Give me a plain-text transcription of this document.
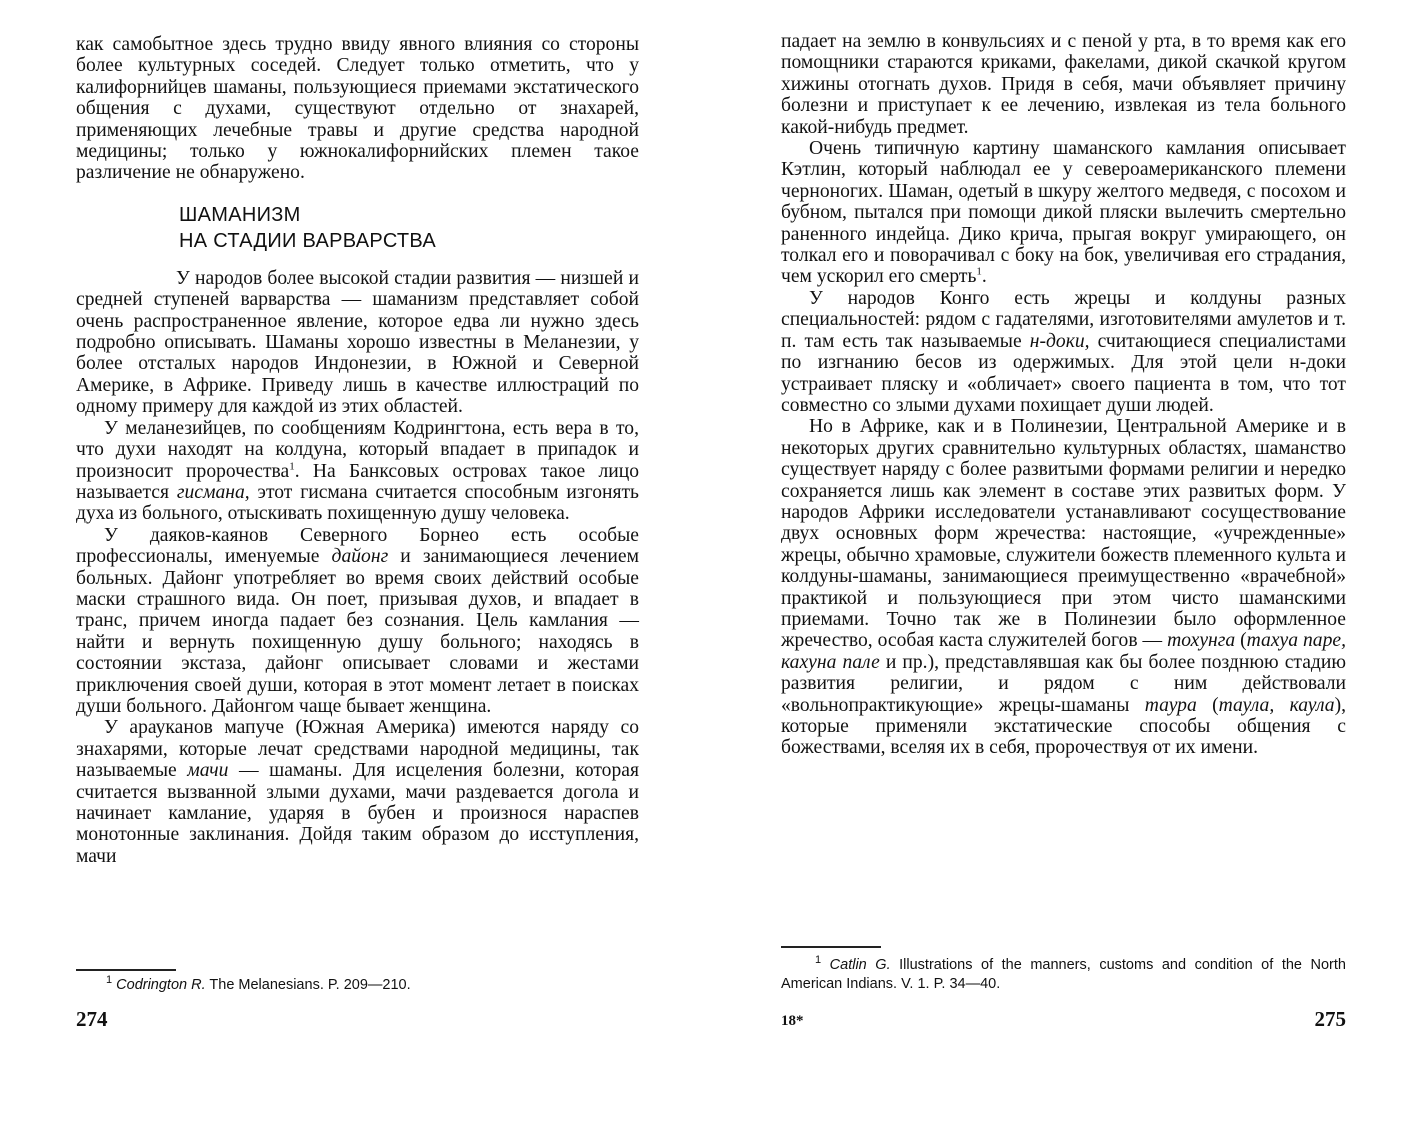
как самобытное здесь трудно ввиду явного влияния со стороны более культурных соседей. Следует только отметить, что у калифорнийцев шаманы, пользующиеся приемами экстатического общения с духами, существуют отдельно от знахарей, применяющих лечебные травы и другие средства народной медицины; только у южнокалифорнийских племен такое различение не обнаружено.

ШАМАНИЗМ
НА СТАДИИ ВАРВАРСТВА

У народов более высокой стадии развития — низшей и средней ступеней варварства — шаманизм представляет собой очень распространенное явление, которое едва ли нужно здесь подробно описывать. Шаманы хорошо известны в Меланезии, у более отсталых народов Индонезии, в Южной и Северной Америке, в Африке. Приведу лишь в качестве иллюстраций по одному примеру для каждой из этих областей.

У меланезийцев, по сообщениям Кодрингтона, есть вера в то, что духи находят на колдуна, который впадает в припадок и произносит пророчества$^1$. На Банксовых островах такое лицо называется гисмана, этот гисмана считается способным изгонять духа из больного, отыскивать похищенную душу человека.

У даяков-каянов Северного Борнео есть особые профессионалы, именуемые дайонг и занимающиеся лечением больных. Дайонг употребляет во время своих действий особые маски страшного вида. Он поет, призывая духов, и впадает в транс, причем иногда падает без сознания. Цель камлания — найти и вернуть похищенную душу больного; находясь в состоянии экстаза, дайонг описывает словами и жестами приключения своей души, которая в этот момент летает в поисках души больного. Дайонгом чаще бывает женщина.

У арауканов мапуче (Южная Америка) имеются наряду со знахарями, которые лечат средствами народной медицины, так называемые мачи — шаманы. Для исцеления болезни, которая считается вызванной злыми духами, мачи раздевается догола и начинает камлание, ударяя в бубен и произнося нараспев монотонные заклинания. Дойдя таким образом до исступления, мачи

$^1$ Codrington R. The Melanesians. P. 209—210.
274

падает на землю в конвульсиях и с пеной у рта, в то время как его помощники стараются криками, факелами, дикой скачкой кругом хижины отогнать духов. Придя в себя, мачи объявляет причину болезни и приступает к ее лечению, извлекая из тела больного какой-нибудь предмет.

Очень типичную картину шаманского камлания описывает Кэтлин, который наблюдал ее у североамериканского племени черноногих. Шаман, одетый в шкуру желтого медведя, с посохом и бубном, пытался при помощи дикой пляски вылечить смертельно раненного индейца. Дико крича, прыгая вокруг умирающего, он толкал его и поворачивал с боку на бок, увеличивая его страдания, чем ускорил его смерть$^1$.

У народов Конго есть жрецы и колдуны разных специальностей: рядом с гадателями, изготовителями амулетов и т. п. там есть так называемые н-доки, считающиеся специалистами по изгнанию бесов из одержимых. Для этой цели н-доки устраивает пляску и «обличает» своего пациента в том, что тот совместно со злыми духами похищает души людей.

Но в Африке, как и в Полинезии, Центральной Америке и в некоторых других сравнительно культурных областях, шаманство существует наряду с более развитыми формами религии и нередко сохраняется лишь как элемент в составе этих развитых форм. У народов Африки исследователи устанавливают сосуществование двух основных форм жречества: настоящие, «учрежденные» жрецы, обычно храмовые, служители божеств племенного культа и колдуны-шаманы, занимающиеся преимущественно «врачебной» практикой и пользующиеся при этом чисто шаманскими приемами. Точно так же в Полинезии было оформленное жречество, особая каста служителей богов — тохунга (тахуа паре, кахуна пале и пр.), представлявшая как бы более позднюю стадию развития религии, и рядом с ним действовали «вольнопрактикующие» жрецы-шаманы таура (таула, каула), которые применяли экстатические способы общения с божествами, вселяя их в себя, пророчествуя от их имени.

$^1$ Catlin G. Illustrations of the manners, customs and condition of the North American Indians. V. 1. P. 34—40.
18*	275
